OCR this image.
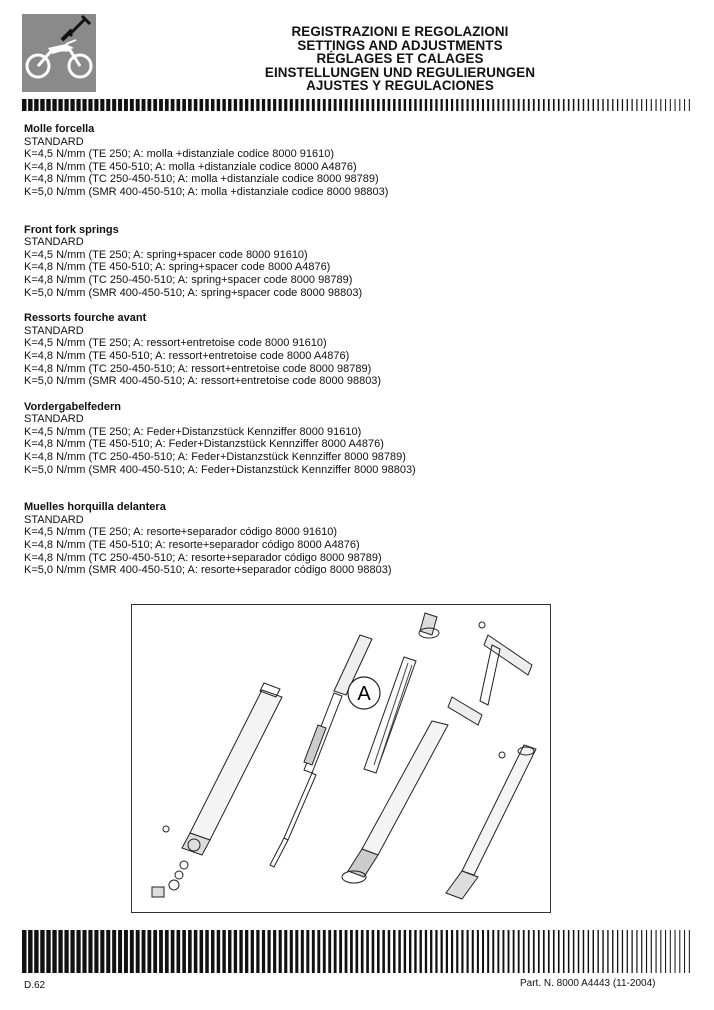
REGISTRAZIONI E REGOLAZIONI
SETTINGS AND ADJUSTMENTS
RÉGLAGES ET CALAGES
EINSTELLUNGEN UND REGULIERUNGEN
AJUSTES Y REGULACIONES
Molle forcella
STANDARD
K=4,5 N/mm (TE 250; A: molla +distanziale codice 8000 91610)
K=4,8 N/mm (TE 450-510; A: molla +distanziale codice 8000 A4876)
K=4,8 N/mm (TC 250-450-510; A: molla +distanziale codice 8000 98789)
K=5,0 N/mm (SMR 400-450-510; A: molla +distanziale codice 8000 98803)
Front fork springs
STANDARD
K=4,5 N/mm (TE 250; A: spring+spacer code 8000 91610)
K=4,8 N/mm (TE 450-510; A: spring+spacer code 8000 A4876)
K=4,8 N/mm (TC 250-450-510; A: spring+spacer code 8000 98789)
K=5,0 N/mm (SMR 400-450-510; A: spring+spacer code 8000 98803)
Ressorts fourche avant
STANDARD
K=4,5 N/mm (TE 250; A: ressort+entretoise code 8000 91610)
K=4,8 N/mm (TE 450-510; A: ressort+entretoise code 8000 A4876)
K=4,8 N/mm (TC 250-450-510; A: ressort+entretoise code 8000 98789)
K=5,0 N/mm (SMR 400-450-510; A: ressort+entretoise code 8000 98803)
Vordergabelfedern
STANDARD
K=4,5 N/mm (TE 250; A: Feder+Distanzstück Kennziffer 8000 91610)
K=4,8 N/mm (TE 450-510; A: Feder+Distanzstück Kennziffer 8000 A4876)
K=4,8 N/mm (TC 250-450-510; A: Feder+Distanzstück Kennziffer 8000 98789)
K=5,0 N/mm (SMR 400-450-510; A: Feder+Distanzstück Kennziffer 8000 98803)
Muelles horquilla delantera
STANDARD
K=4,5 N/mm (TE 250; A: resorte+separador código 8000 91610)
K=4,8 N/mm (TE 450-510; A: resorte+separador código 8000 A4876)
K=4,8 N/mm (TC 250-450-510; A: resorte+separador código 8000 98789)
K=5,0 N/mm (SMR 400-450-510; A: resorte+separador código 8000 98803)
A
D.62	Part. N. 8000 A4443 (11-2004)
